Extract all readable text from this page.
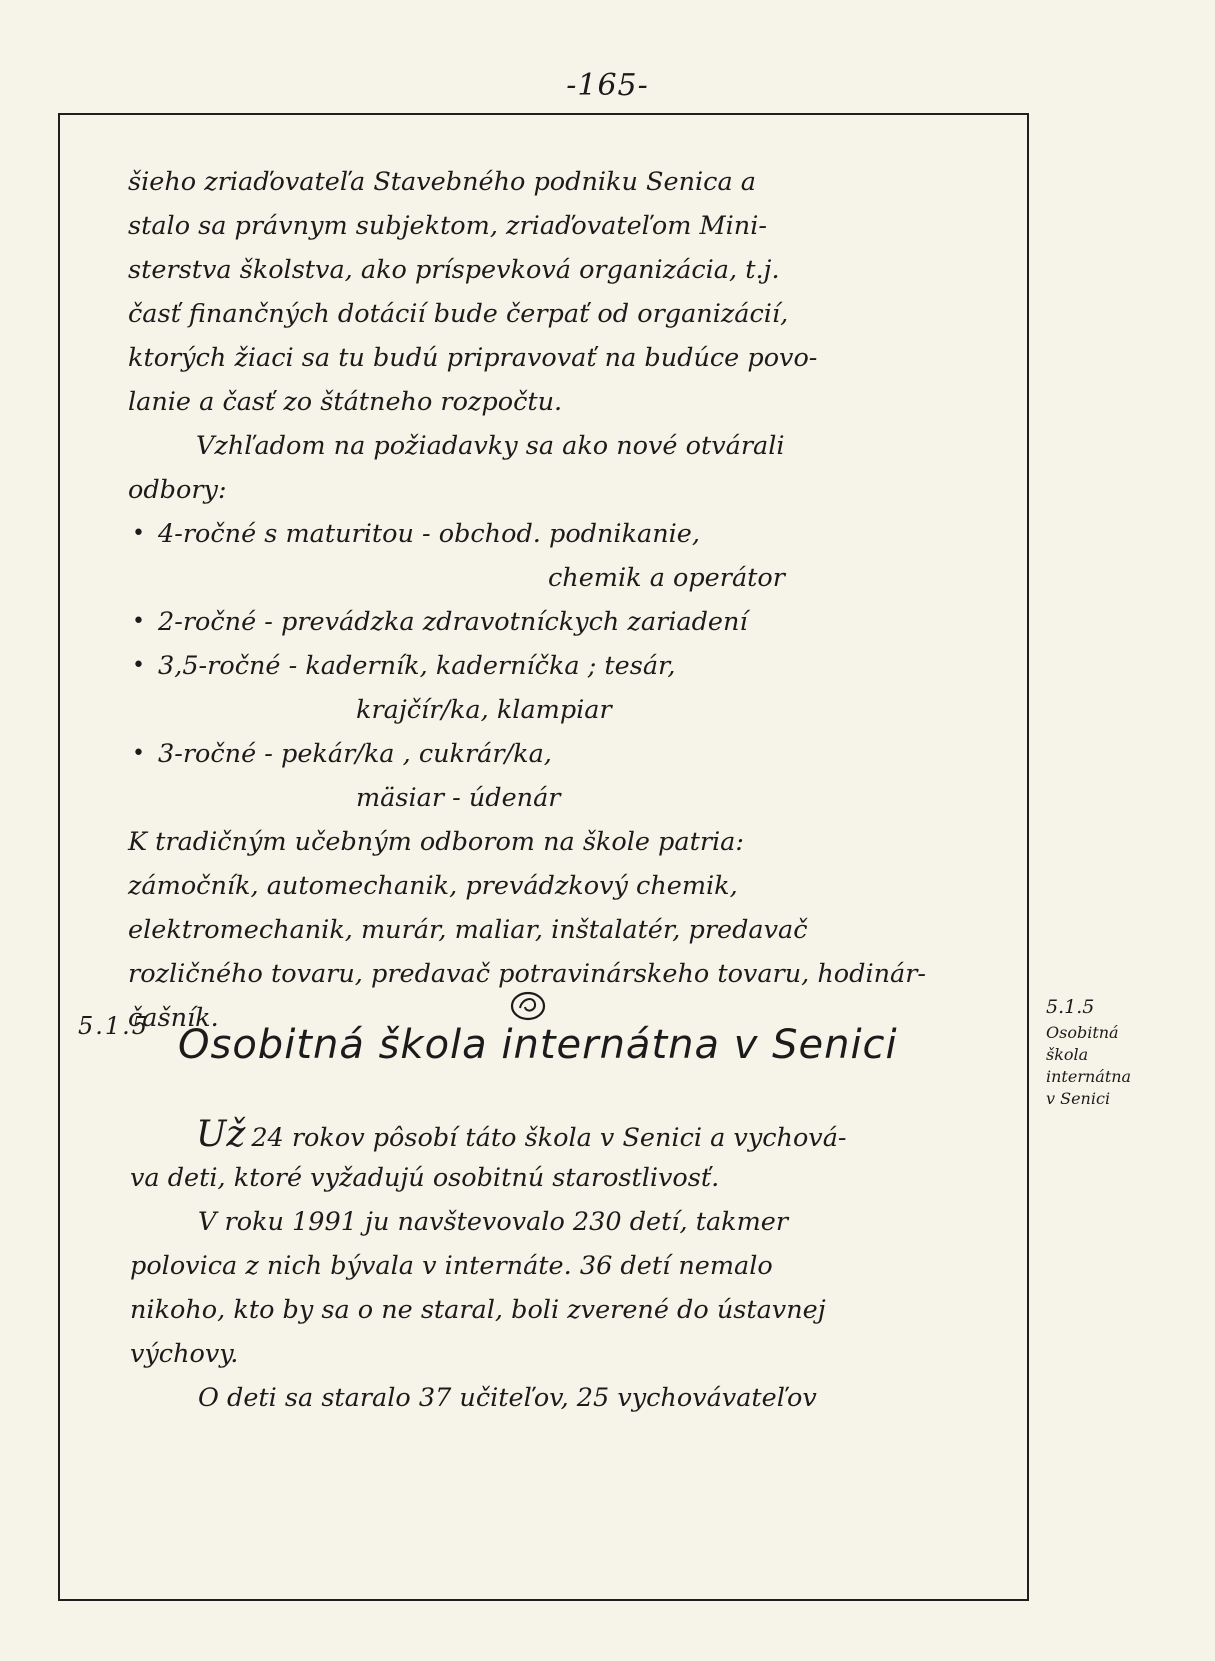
-165-
šieho zriaďovateľa Stavebného podniku Senica a
stalo sa právnym subjektom, zriaďovateľom Mini-
sterstva školstva, ako príspevková organizácia, t.j.
časť finančných dotácií bude čerpať od organizácií,
ktorých žiaci sa tu budú pripravovať na budúce povo-
lanie a časť zo štátneho rozpočtu.
Vzhľadom na požiadavky sa ako nové otvárali
odbory:
• 4-ročné s maturitou - obchod. podnikanie,
chemik a operátor
• 2-ročné - prevádzka zdravotníckych zariadení
• 3,5-ročné - kaderník, kaderníčka ; tesár,
krajčír/ka, klampiar
• 3-ročné - pekár/ka , cukrár/ka,
mäsiar - údenár
K tradičným učebným odborom na škole patria:
zámočník, automechanik, prevádzkový chemik,
elektromechanik, murár, maliar, inštalatér, predavač
rozličného tovaru, predavač potravinárskeho tovaru, hodinár-
čašník.
5.1.5 Osobitná škola internátna v Senici
Už 24 rokov pôsobí táto škola v Senici a vychová-
va deti, ktoré vyžadujú osobitnú starostlivosť.
V roku 1991 ju navštevovalo 230 detí, takmer
polovica z nich bývala v internáte. 36 detí nemalo
nikoho, kto by sa o ne staral, boli zverené do ústavnej
výchovy.
O deti sa staralo 37 učiteľov, 25 vychovávateľov
5.1.5
Osobitná
škola
internátna
v Senici
